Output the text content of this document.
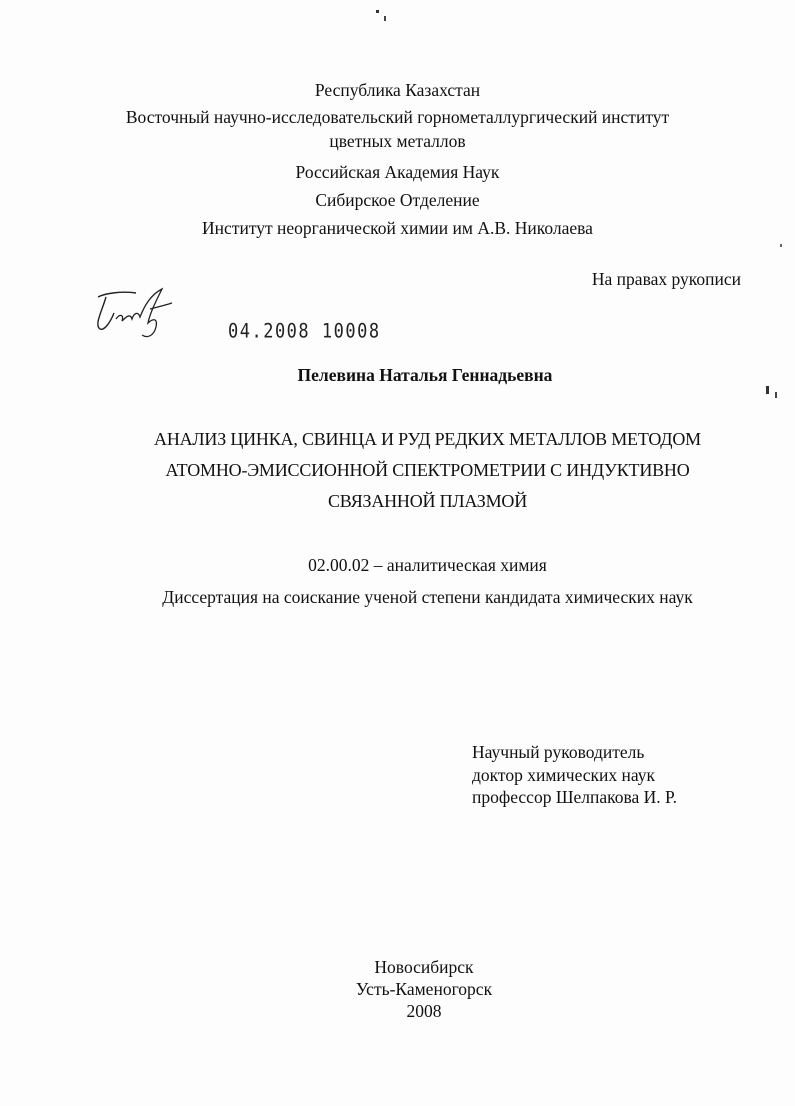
Республика Казахстан
Восточный научно-исследовательский горнометаллургический институт
цветных металлов
Российская Академия Наук
Сибирское Отделение
Институт неорганической химии им А.В. Николаева
На правах рукописи
04.2008 10008
Пелевина Наталья Геннадьевна
АНАЛИЗ ЦИНКА, СВИНЦА И РУД РЕДКИХ МЕТАЛЛОВ МЕТОДОМ
АТОМНО-ЭМИССИОННОЙ СПЕКТРОМЕТРИИ С ИНДУКТИВНО
СВЯЗАННОЙ ПЛАЗМОЙ
02.00.02 – аналитическая химия
Диссертация на соискание ученой степени кандидата химических наук
Научный руководитель
доктор химических наук
профессор Шелпакова И. Р.
Новосибирск
Усть-Каменогорск
2008
